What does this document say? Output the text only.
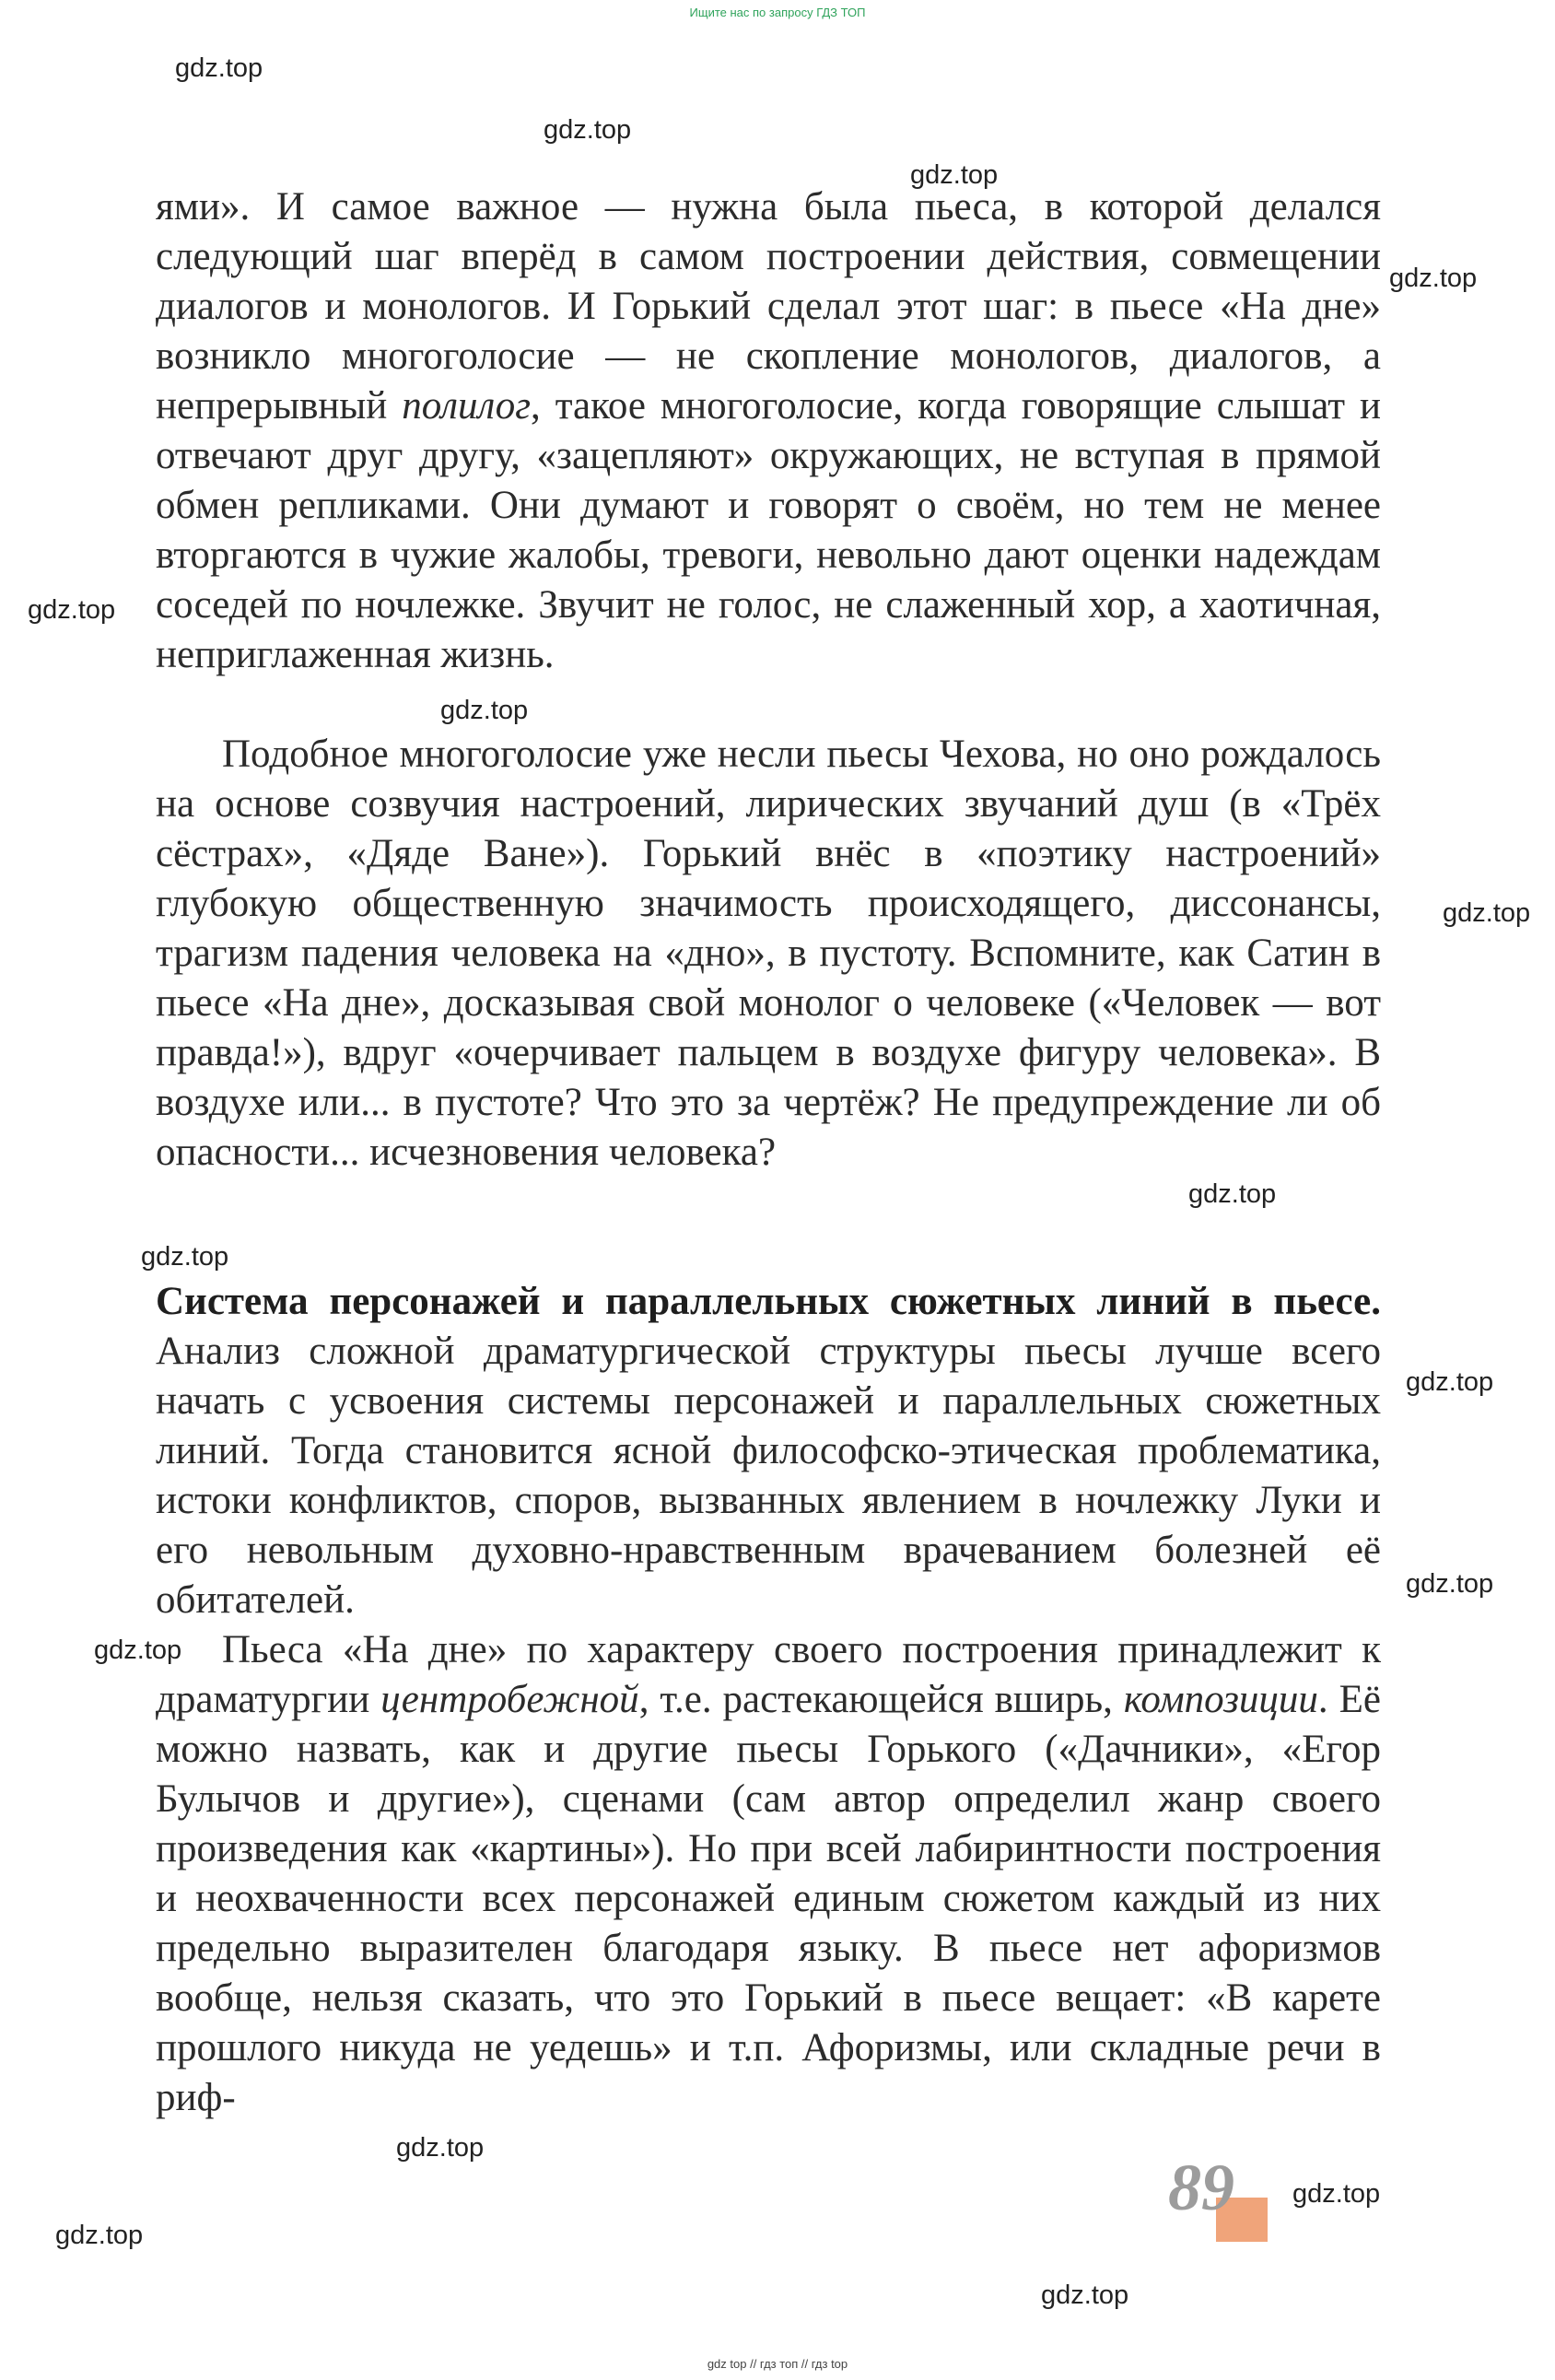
Ищите нас по запросу ГДЗ ТОП
gdz.top
gdz.top
gdz.top
gdz.top
gdz.top
gdz.top
gdz.top
gdz.top
gdz.top
gdz.top
gdz.top
gdz.top
gdz.top
gdz.top
gdz.top
gdz.top

ями». И самое важное — нужна была пьеса, в которой делался следующий шаг вперёд в самом построении действия, совмещении диалогов и монологов. И Горький сделал этот шаг: в пьесе «На дне» возникло многоголосие — не скопление монологов, диалогов, а непрерывный полилог, такое многоголосие, когда говорящие слышат и отвечают друг другу, «зацепляют» окружающих, не вступая в прямой обмен репликами. Они думают и говорят о своём, но тем не менее вторгаются в чужие жалобы, тревоги, невольно дают оценки надеждам соседей по ночлежке. Звучит не голос, не слаженный хор, а хаотичная, неприглаженная жизнь.

Подобное многоголосие уже несли пьесы Чехова, но оно рождалось на основе созвучия настроений, лирических звучаний душ (в «Трёх сёстрах», «Дяде Ване»). Горький внёс в «поэтику настроений» глубокую общественную значимость происходящего, диссонансы, трагизм падения человека на «дно», в пустоту. Вспомните, как Сатин в пьесе «На дне», досказывая свой монолог о человеке («Человек — вот правда!»), вдруг «очерчивает пальцем в воздухе фигуру человека». В воздухе или... в пустоте? Что это за чертёж? Не предупреждение ли об опасности... исчезновения человека?

Система персонажей и параллельных сюжетных линий в пьесе. Анализ сложной драматургической структуры пьесы лучше всего начать с усвоения системы персонажей и параллельных сюжетных линий. Тогда становится ясной философско-этическая проблематика, истоки конфликтов, споров, вызванных явлением в ночлежку Луки и его невольным духовно-нравственным врачеванием болезней её обитателей.

Пьеса «На дне» по характеру своего построения принадлежит к драматургии центробежной, т.е. растекающейся вширь, композиции. Её можно назвать, как и другие пьесы Горького («Дачники», «Егор Булычов и другие»), сценами (сам автор определил жанр своего произведения как «картины»). Но при всей лабиринтности построения и неохваченности всех персонажей единым сюжетом каждый из них предельно выразителен благодаря языку. В пьесе нет афоризмов вообще, нельзя сказать, что это Горький в пьесе вещает: «В карете прошлого никуда не уедешь» и т.п. Афоризмы, или складные речи в риф-

89
gdz top // гдз топ // гдз top
